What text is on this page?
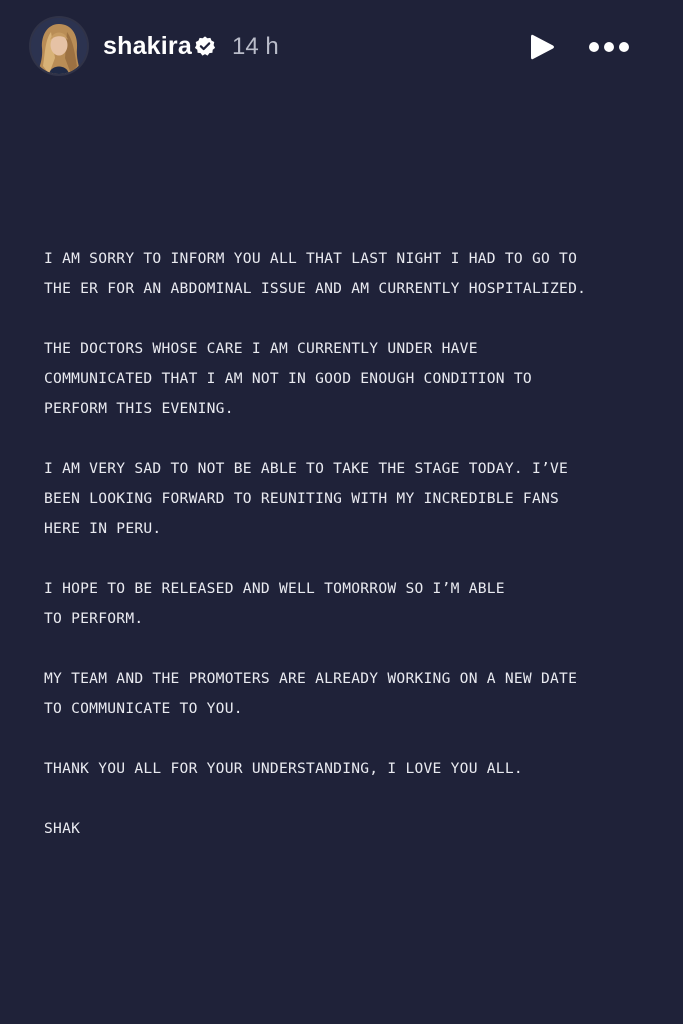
shakira 14 h
I AM SORRY TO INFORM YOU ALL THAT LAST NIGHT I HAD TO GO TO
THE ER FOR AN ABDOMINAL ISSUE AND AM CURRENTLY HOSPITALIZED.
THE DOCTORS WHOSE CARE I AM CURRENTLY UNDER HAVE
COMMUNICATED THAT I AM NOT IN GOOD ENOUGH CONDITION TO
PERFORM THIS EVENING.
I AM VERY SAD TO NOT BE ABLE TO TAKE THE STAGE TODAY. I’VE
BEEN LOOKING FORWARD TO REUNITING WITH MY INCREDIBLE FANS
HERE IN PERU.
I HOPE TO BE RELEASED AND WELL TOMORROW SO I’M ABLE
TO PERFORM.
MY TEAM AND THE PROMOTERS ARE ALREADY WORKING ON A NEW DATE
TO COMMUNICATE TO YOU.
THANK YOU ALL FOR YOUR UNDERSTANDING, I LOVE YOU ALL.
SHAK
